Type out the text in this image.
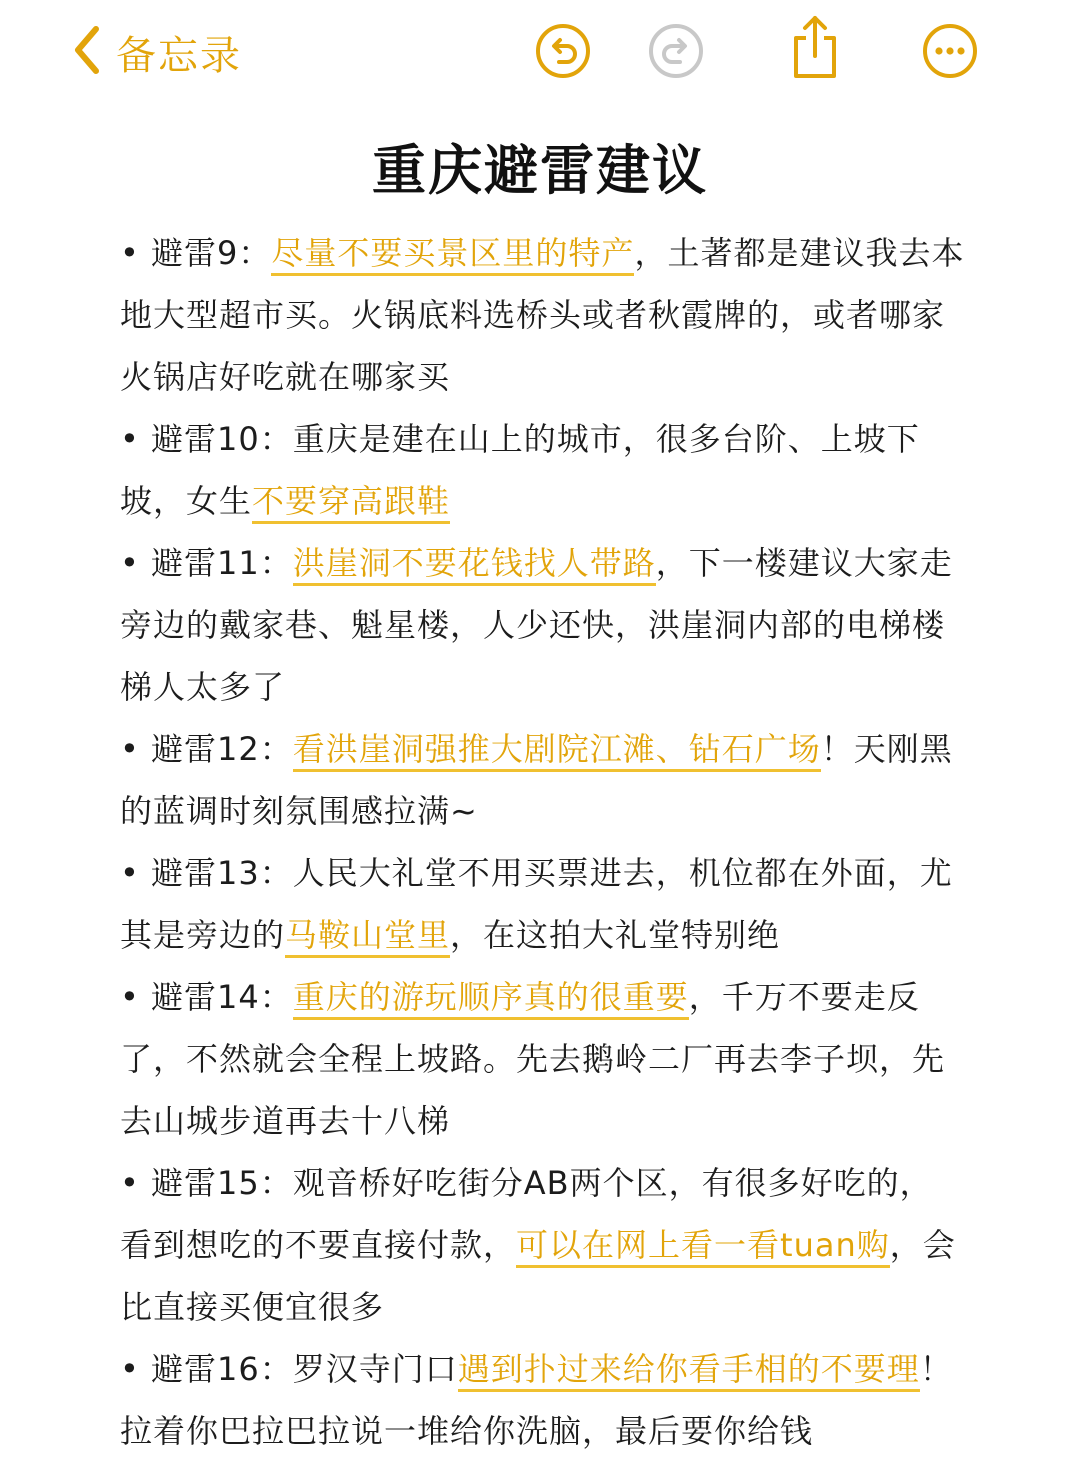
备忘录
重庆避雷建议

• 避雷9：尽量不要买景区里的特产，土著都是建议我去本地大型超市买。火锅底料选桥头或者秋霞牌的，或者哪家火锅店好吃就在哪家买

• 避雷10：重庆是建在山上的城市，很多台阶、上坡下坡，女生不要穿高跟鞋

• 避雷11：洪崖洞不要花钱找人带路，下一楼建议大家走旁边的戴家巷、魁星楼，人少还快，洪崖洞内部的电梯楼梯人太多了

• 避雷12：看洪崖洞强推大剧院江滩、钻石广场！天刚黑的蓝调时刻氛围感拉满~

• 避雷13：人民大礼堂不用买票进去，机位都在外面，尤其是旁边的马鞍山堂里，在这拍大礼堂特别绝

• 避雷14：重庆的游玩顺序真的很重要，千万不要走反了，不然就会全程上坡路。先去鹅岭二厂再去李子坝，先去山城步道再去十八梯

• 避雷15：观音桥好吃街分AB两个区，有很多好吃的，看到想吃的不要直接付款，可以在网上看一看tuan购，会比直接买便宜很多

• 避雷16：罗汉寺门口遇到扑过来给你看手相的不要理！拉着你巴拉巴拉说一堆给你洗脑，最后要你给钱
